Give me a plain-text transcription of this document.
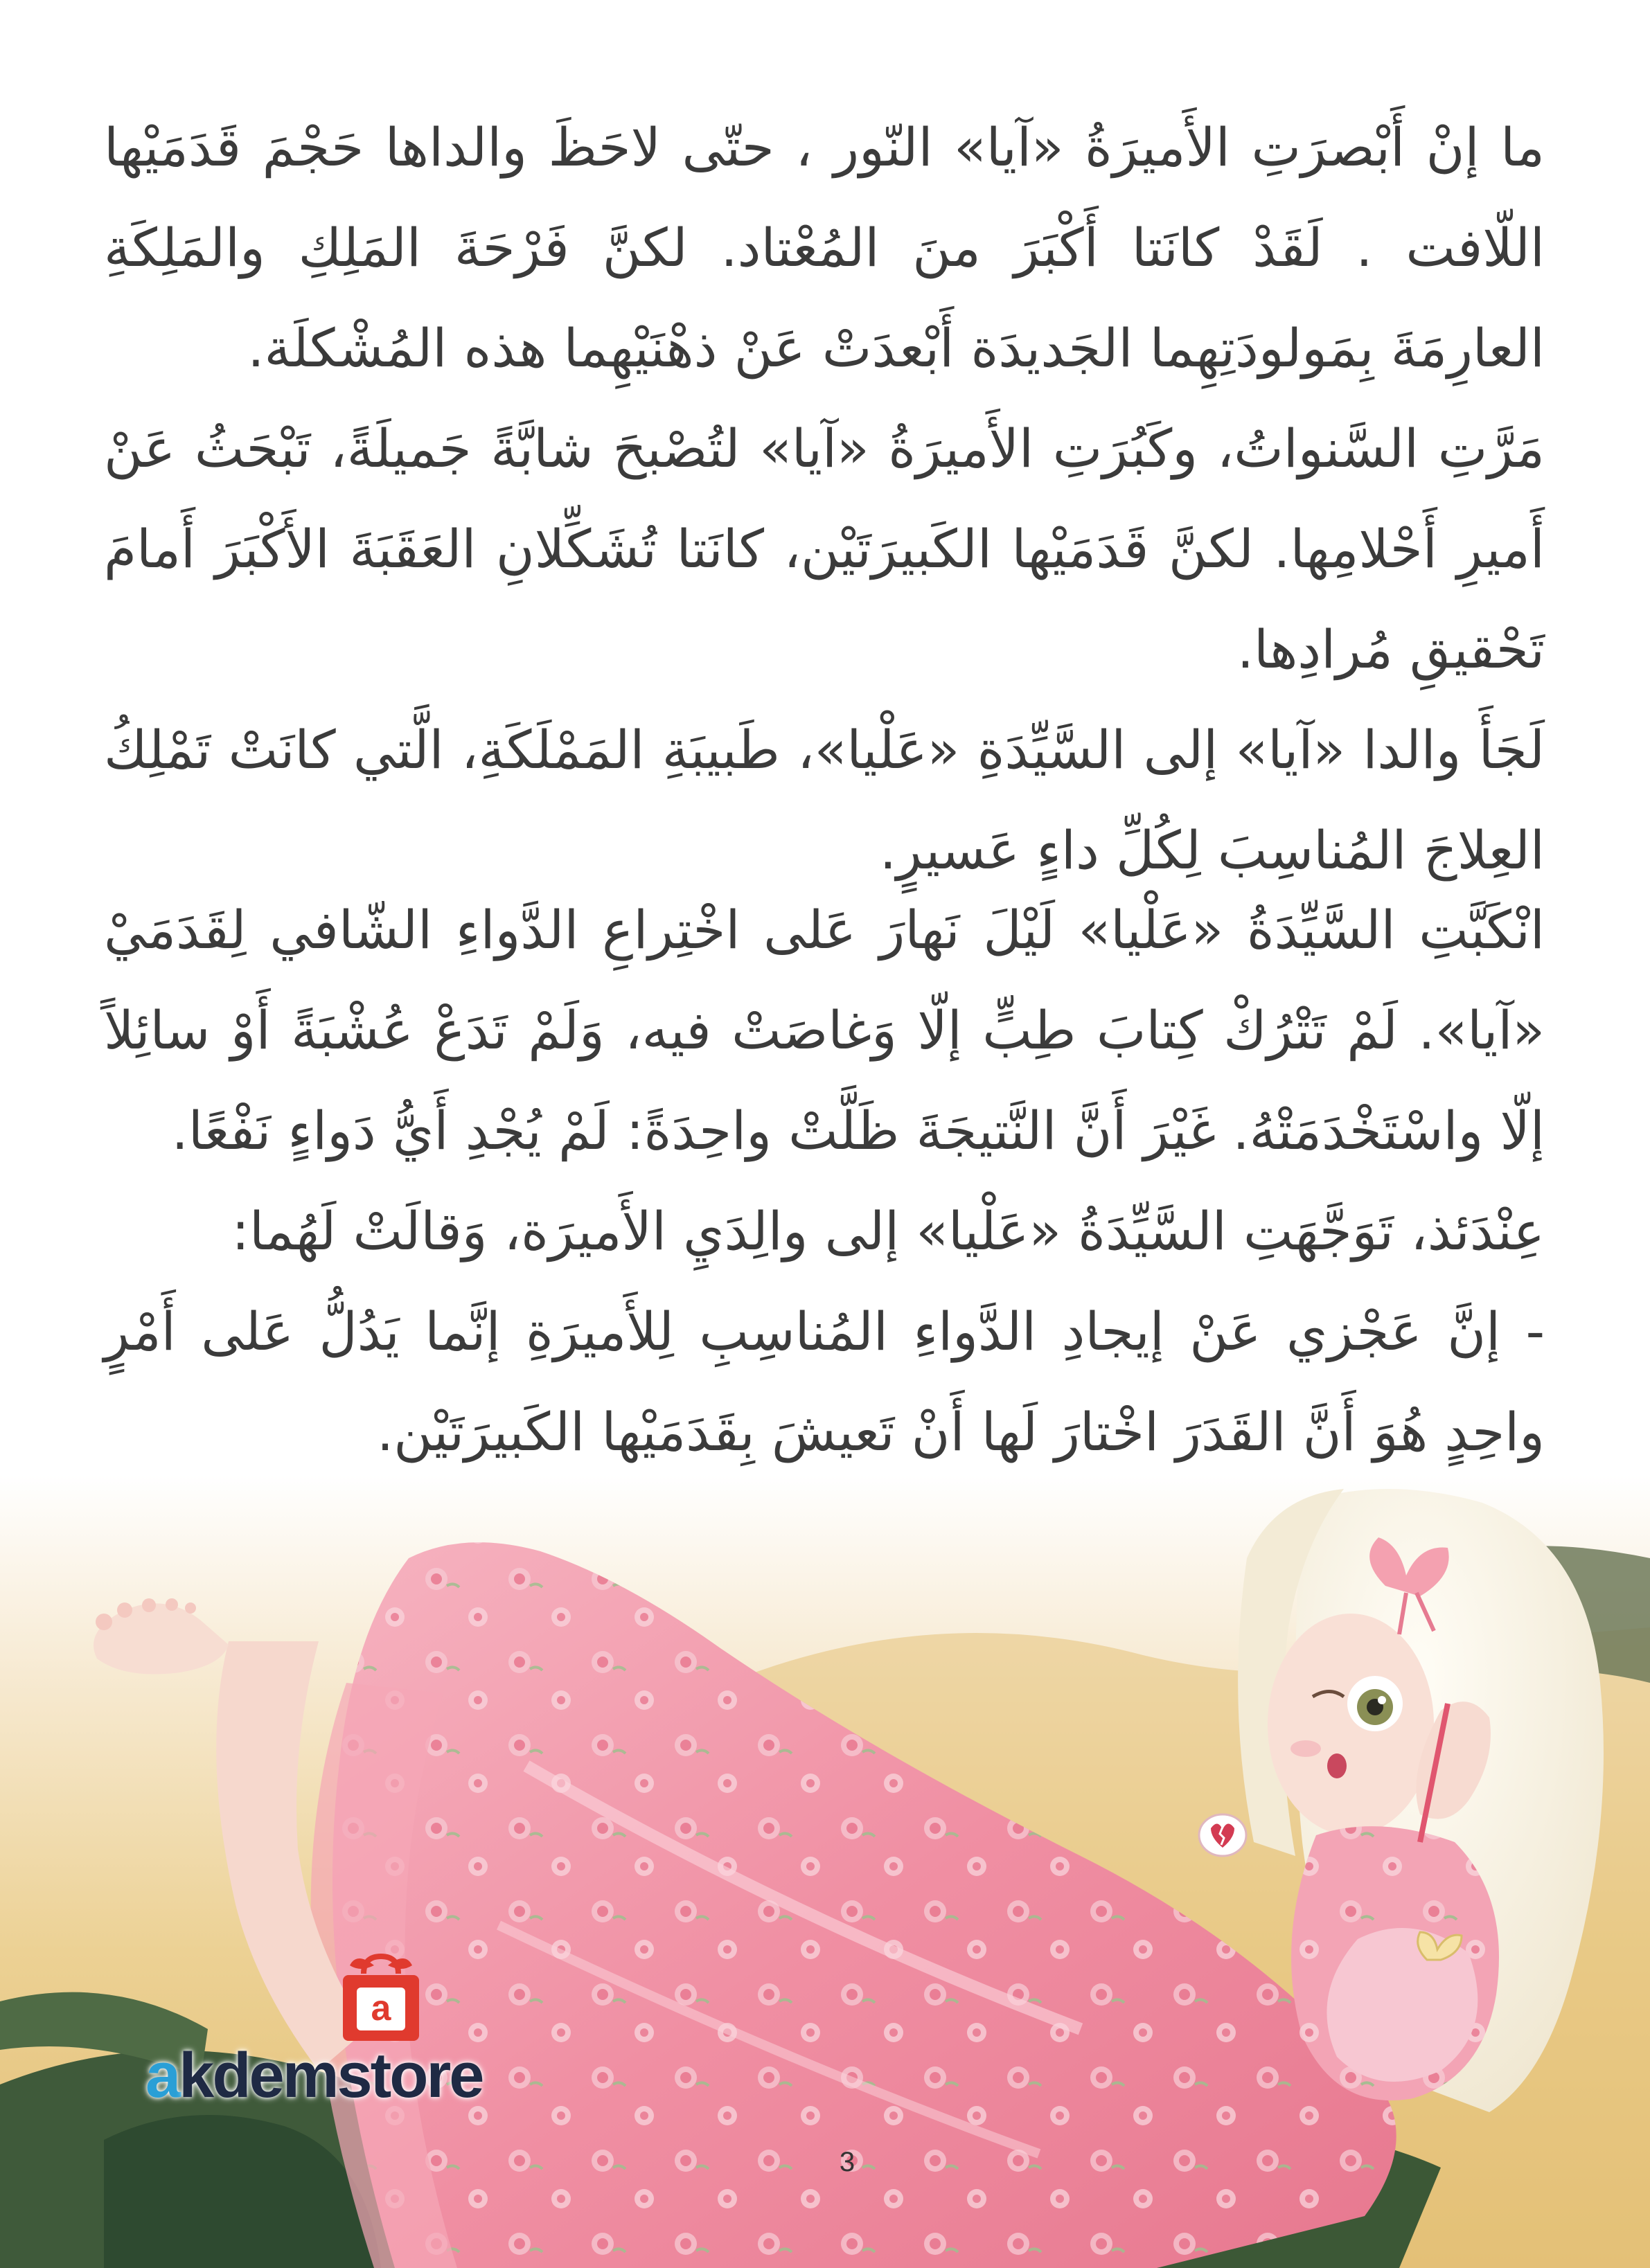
ما إنْ أَبْصرَتِ الأَميرَةُ «آيا» النّور ، حتّى لاحَظَ والداها حَجْمَ قَدَمَيْها اللّافت . لَقَدْ كانَتا أَكْبَرَ منَ المُعْتاد. لكنَّ فَرْحَةَ المَلِكِ والمَلِكَةِ العارِمَةَ بِمَولودَتِهِما الجَديدَة أَبْعدَتْ عَنْ ذهْنَيْهِما هذه المُشْكلَة.

مَرَّتِ السَّنواتُ، وكَبُرَتِ الأَميرَةُ «آيا» لتُصْبحَ شابَّةً جَميلَةً، تَبْحَثُ عَنْ أَميرِ أَحْلامِها. لكنَّ قَدَمَيْها الكَبيرَتَيْن، كانَتا تُشَكِّلانِ العَقَبَةَ الأَكْبَرَ أَمامَ تَحْقيقِ مُرادِها.

لَجَأَ والدا «آيا» إلى السَّيِّدَةِ «عَلْيا»، طَبيبَةِ المَمْلَكَةِ، الَّتي كانَتْ تَمْلِكُ العِلاجَ المُناسِبَ لِكُلِّ داءٍ عَسيرٍ.

انْكَبَّتِ السَّيِّدَةُ «عَلْيا» لَيْلَ نَهارَ عَلى اخْتِراعِ الدَّواءِ الشّافي لِقَدَمَيْ «آيا». لَمْ تَتْرُكْ كِتابَ طِبٍّ إلّا وَغاصَتْ فيه، وَلَمْ تَدَعْ عُشْبَةً أَوْ سائِلاً إلّا واسْتَخْدَمَتْهُ. غَيْرَ أَنَّ النَّتيجَةَ ظَلَّتْ واحِدَةً: لَمْ يُجْدِ أَيُّ دَواءٍ نَفْعًا.

عِنْدَئذ، تَوَجَّهَتِ السَّيِّدَةُ «عَلْيا» إلى والِدَيِ الأَميرَة، وَقالَتْ لَهُما:

- إنَّ عَجْزي عَنْ إيجادِ الدَّواءِ المُناسِبِ لِلأَميرَةِ إنَّما يَدُلُّ عَلى أَمْرٍ واحِدٍ هُوَ أَنَّ القَدَرَ اخْتارَ لَها أَنْ تَعيشَ بِقَدَمَيْها الكَبيرَتَيْن.

a
akdemstore
3
